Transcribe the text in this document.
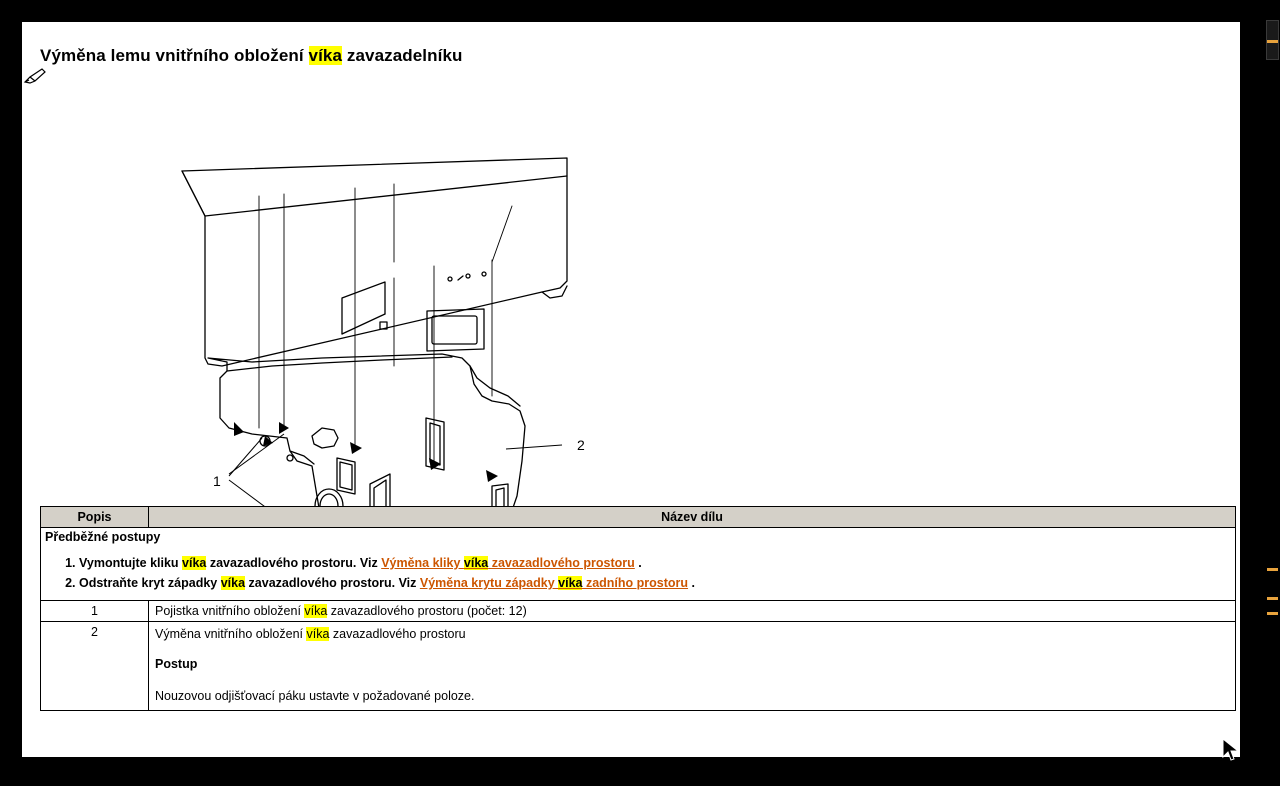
Výměna lemu vnitřního obložení víka zavazadelníku
1
2
Popis	Název dílu
Předběžné postupy
1. Vymontujte kliku víka zavazadlového prostoru. Viz Výměna kliky víka zavazadlového prostoru .
2. Odstraňte kryt západky víka zavazadlového prostoru. Viz Výměna krytu západky víka zadního prostoru .

1	Pojistka vnitřního obložení víka zavazadlového prostoru (počet: 12)
2	Výměna vnitřního obložení víka zavazadlového prostoru

Postup

Nouzovou odjišťovací páku ustavte v požadované poloze.
